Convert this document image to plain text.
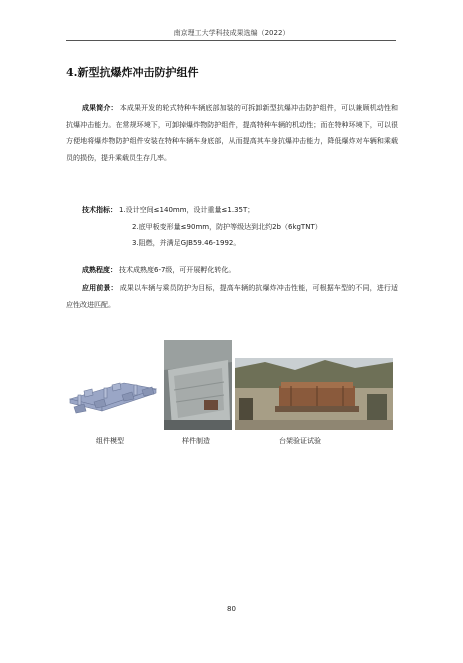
南京理工大学科技成果选编（2022）
4.新型抗爆炸冲击防护组件
成果简介： 本成果开发的轮式特种车辆底部加装的可拆卸新型抗爆冲击防护组件，可以兼顾机动性和抗爆冲击能力。在常规环境下，可卸掉爆炸物防护组件，提高特种车辆的机动性；而在特种环境下，可以很方便地将爆炸物防护组件安装在特种车辆车身底部，从而提高其车身抗爆冲击能力，降低爆炸对车辆和乘载员的损伤，提升乘载员生存几率。
技术指标： 1.设计空间≤140mm，设计重量≤1.35T；
2.底甲板变形量≤90mm，防护等级达到北约2b（6kgTNT）
3.阻燃，并满足GJB59.46-1992。
成熟程度： 技术成熟度6-7级，可开展孵化转化。
应用前景： 成果以车辆与乘员防护为目标，提高车辆的抗爆炸冲击性能，可根据车型的不同，进行适应性改进匹配。
组件模型	样件制造	台架验证试验
80
